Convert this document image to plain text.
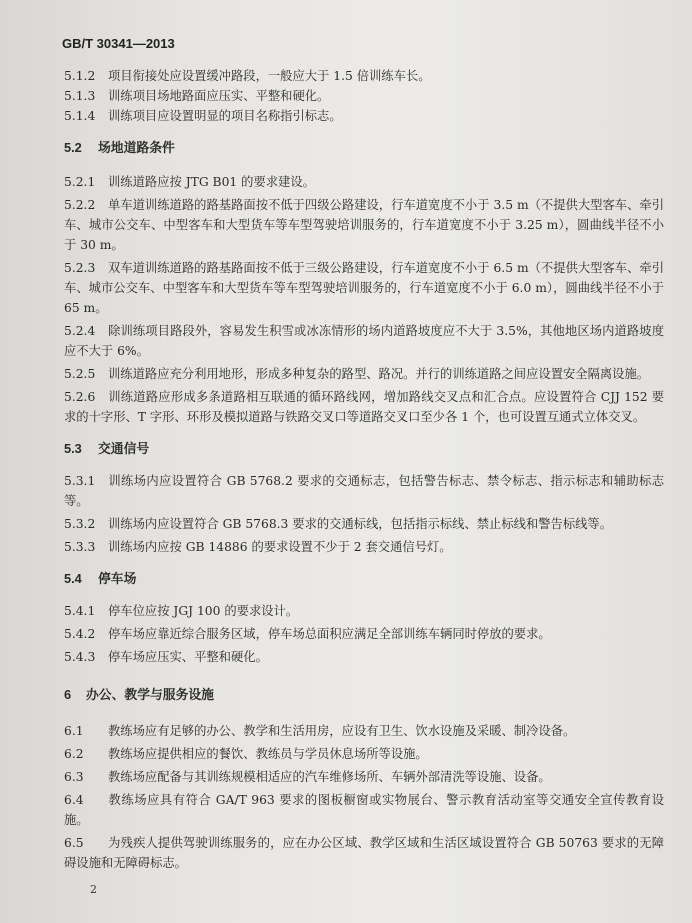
GB/T 30341—2013

5.1.2 项目衔接处应设置缓冲路段，一般应大于 1.5 倍训练车长。

5.1.3 训练项目场地路面应压实、平整和硬化。

5.1.4 训练项目应设置明显的项目名称指引标志。

5.2 场地道路条件

5.2.1 训练道路应按 JTG B01 的要求建设。

5.2.2 单车道训练道路的路基路面按不低于四级公路建设，行车道宽度不小于 3.5 m（不提供大型客车、牵引车、城市公交车、中型客车和大型货车等车型驾驶培训服务的，行车道宽度不小于 3.25 m），圆曲线半径不小于 30 m。

5.2.3 双车道训练道路的路基路面按不低于三级公路建设，行车道宽度不小于 6.5 m（不提供大型客车、牵引车、城市公交车、中型客车和大型货车等车型驾驶培训服务的，行车道宽度不小于 6.0 m），圆曲线半径不小于 65 m。

5.2.4 除训练项目路段外，容易发生积雪或冰冻情形的场内道路坡度应不大于 3.5%，其他地区场内道路坡度应不大于 6%。

5.2.5 训练道路应充分利用地形，形成多种复杂的路型、路况。并行的训练道路之间应设置安全隔离设施。

5.2.6 训练道路应形成多条道路相互联通的循环路线网，增加路线交叉点和汇合点。应设置符合 CJJ 152 要求的十字形、T 字形、环形及模拟道路与铁路交叉口等道路交叉口至少各 1 个，也可设置互通式立体交叉。

5.3 交通信号

5.3.1 训练场内应设置符合 GB 5768.2 要求的交通标志，包括警告标志、禁令标志、指示标志和辅助标志等。

5.3.2 训练场内应设置符合 GB 5768.3 要求的交通标线，包括指示标线、禁止标线和警告标线等。

5.3.3 训练场内应按 GB 14886 的要求设置不少于 2 套交通信号灯。

5.4 停车场

5.4.1 停车位应按 JGJ 100 的要求设计。

5.4.2 停车场应靠近综合服务区域，停车场总面积应满足全部训练车辆同时停放的要求。

5.4.3 停车场应压实、平整和硬化。

6 办公、教学与服务设施

6.1 教练场应有足够的办公、教学和生活用房，应设有卫生、饮水设施及采暖、制冷设备。

6.2 教练场应提供相应的餐饮、教练员与学员休息场所等设施。

6.3 教练场应配备与其训练规模相适应的汽车维修场所、车辆外部清洗等设施、设备。

6.4 教练场应具有符合 GA/T 963 要求的图板橱窗或实物展台、警示教育活动室等交通安全宣传教育设施。

6.5 为残疾人提供驾驶训练服务的，应在办公区域、教学区域和生活区域设置符合 GB 50763 要求的无障碍设施和无障碍标志。

2
